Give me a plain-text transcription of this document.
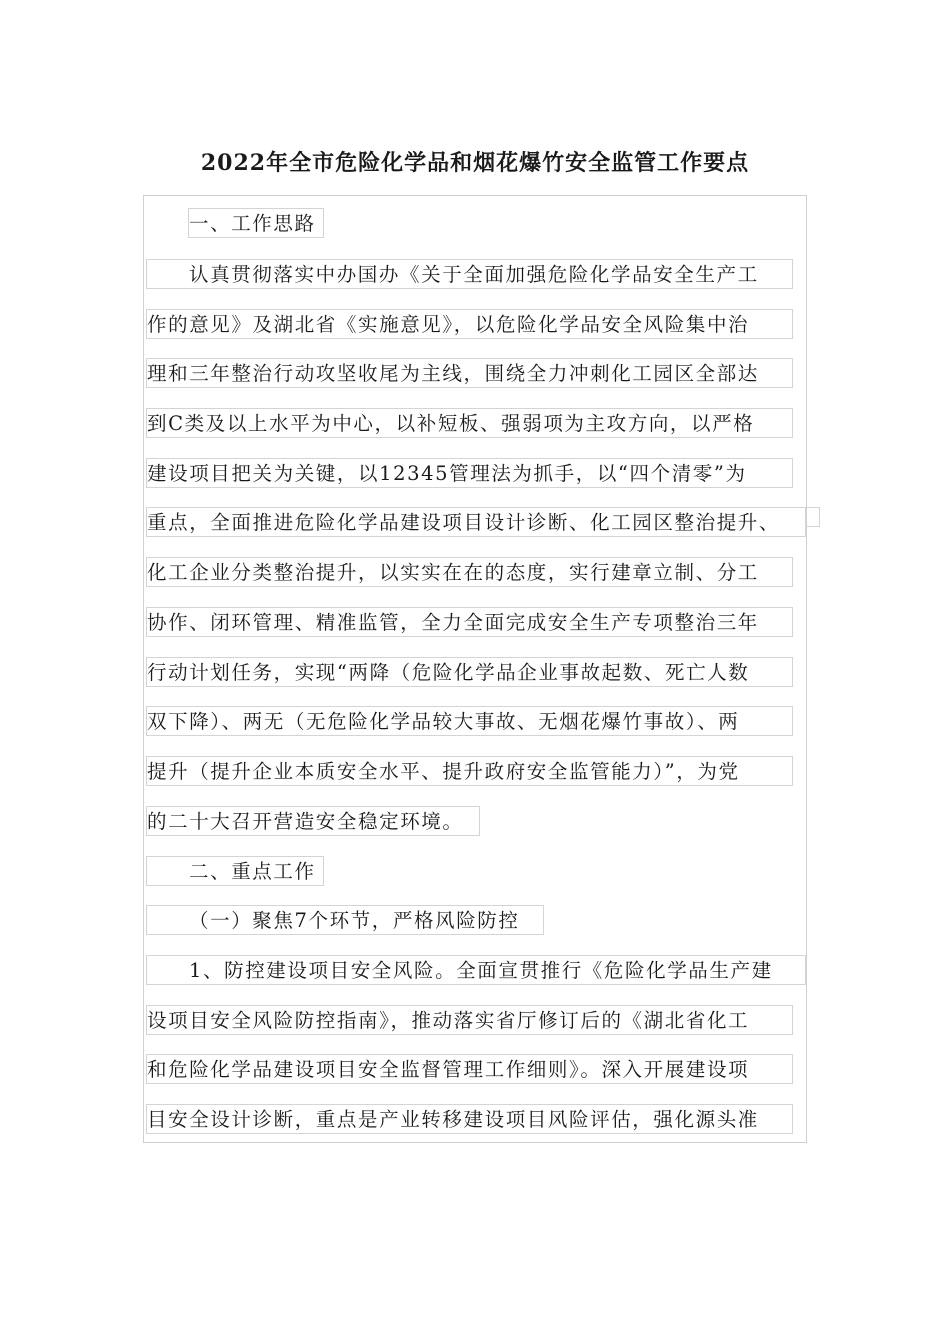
2022年全市危险化学品和烟花爆竹安全监管工作要点
一、工作思路
认真贯彻落实中办国办《关于全面加强危险化学品安全生产工
作的意见》及湖北省《实施意见》，以危险化学品安全风险集中治
理和三年整治行动攻坚收尾为主线，围绕全力冲刺化工园区全部达
到C类及以上水平为中心，以补短板、强弱项为主攻方向，以严格
建设项目把关为关键，以12345管理法为抓手，以“四个清零”为
重点，全面推进危险化学品建设项目设计诊断、化工园区整治提升、
化工企业分类整治提升，以实实在在的态度，实行建章立制、分工
协作、闭环管理、精准监管，全力全面完成安全生产专项整治三年
行动计划任务，实现“两降（危险化学品企业事故起数、死亡人数
双下降）、两无（无危险化学品较大事故、无烟花爆竹事故）、两
提升（提升企业本质安全水平、提升政府安全监管能力）”，为党
的二十大召开营造安全稳定环境。
二、重点工作
（一）聚焦7个环节，严格风险防控
1、防控建设项目安全风险。全面宣贯推行《危险化学品生产建
设项目安全风险防控指南》，推动落实省厅修订后的《湖北省化工
和危险化学品建设项目安全监督管理工作细则》。深入开展建设项
目安全设计诊断，重点是产业转移建设项目风险评估，强化源头准
